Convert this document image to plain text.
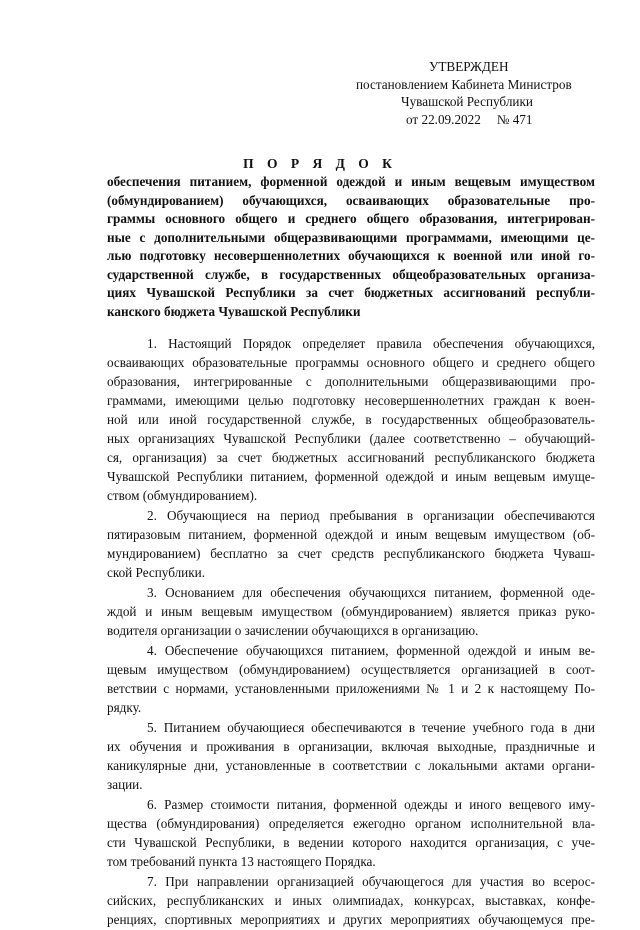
УТВЕРЖДЕН
постановлением Кабинета Министров
Чувашской Республики
от 22.09.2022 № 471
П О Р Я Д О К
обеспечения питанием, форменной одеждой и иным вещевым имуществом
(обмундированием) обучающихся, осваивающих образовательные про-
граммы основного общего и среднего общего образования, интегрирован-
ные с дополнительными общеразвивающими программами, имеющими це-
лью подготовку несовершеннолетних обучающихся к военной или иной го-
сударственной службе, в государственных общеобразовательных организа-
циях Чувашской Республики за счет бюджетных ассигнований республи-
канского бюджета Чувашской Республики

1. Настоящий Порядок определяет правила обеспечения обучающихся,
осваивающих образовательные программы основного общего и среднего общего
образования, интегрированные с дополнительными общеразвивающими про-
граммами, имеющими целью подготовку несовершеннолетних граждан к воен-
ной или иной государственной службе, в государственных общеобразователь-
ных организациях Чувашской Республики (далее соответственно – обучающий-
ся, организация) за счет бюджетных ассигнований республиканского бюджета
Чувашской Республики питанием, форменной одеждой и иным вещевым имуще-
ством (обмундированием).

2. Обучающиеся на период пребывания в организации обеспечиваются
пятиразовым питанием, форменной одеждой и иным вещевым имуществом (об-
мундированием) бесплатно за счет средств республиканского бюджета Чуваш-
ской Республики.

3. Основанием для обеспечения обучающихся питанием, форменной оде-
ждой и иным вещевым имуществом (обмундированием) является приказ руко-
водителя организации о зачислении обучающихся в организацию.

4. Обеспечение обучающихся питанием, форменной одеждой и иным ве-
щевым имуществом (обмундированием) осуществляется организацией в соот-
ветствии с нормами, установленными приложениями № 1 и 2 к настоящему По-
рядку.

5. Питанием обучающиеся обеспечиваются в течение учебного года в дни
их обучения и проживания в организации, включая выходные, праздничные и
каникулярные дни, установленные в соответствии с локальными актами органи-
зации.

6. Размер стоимости питания, форменной одежды и иного вещевого иму-
щества (обмундирования) определяется ежегодно органом исполнительной вла-
сти Чувашской Республики, в ведении которого находится организация, с уче-
том требований пункта 13 настоящего Порядка.

7. При направлении организацией обучающегося для участия во всерос-
сийских, республиканских и иных олимпиадах, конкурсах, выставках, конфе-
ренциях, спортивных мероприятиях и других мероприятиях обучающемуся пре-
